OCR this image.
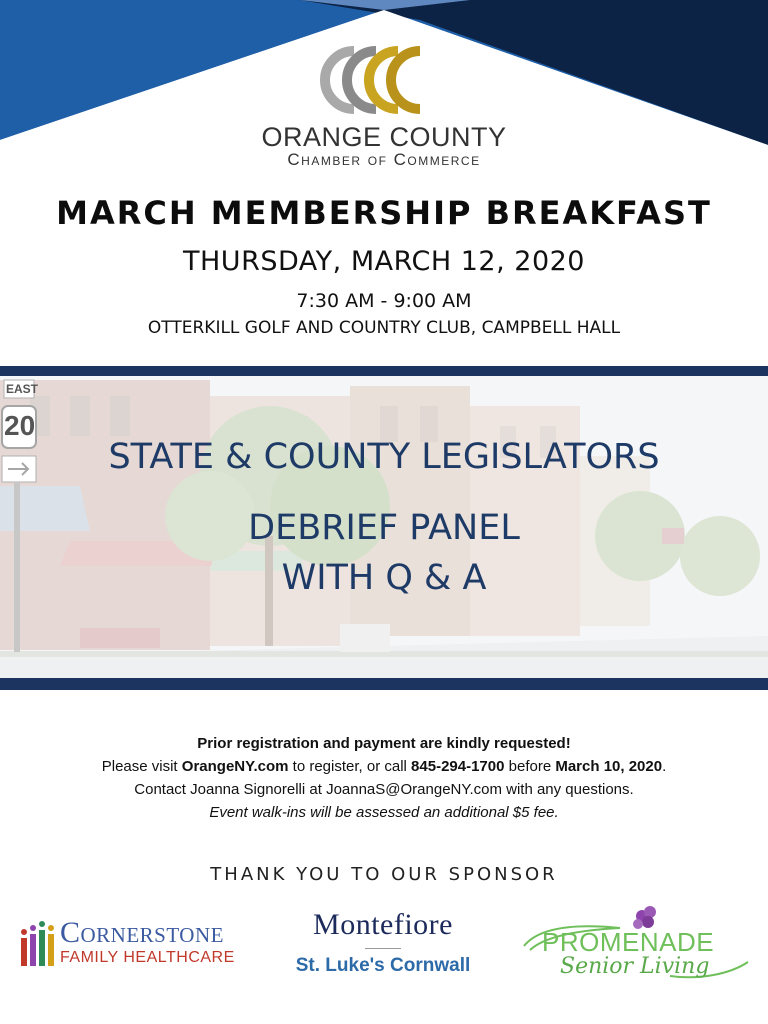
ORANGE COUNTY
Chamber of Commerce
MARCH MEMBERSHIP BREAKFAST
THURSDAY, MARCH 12, 2020
7:30 AM - 9:00 AM
OTTERKILL GOLF AND COUNTRY CLUB, CAMPBELL HALL
EAST
20
STATE & COUNTY LEGISLATORS
DEBRIEF PANEL
WITH Q & A
Prior registration and payment are kindly requested!
Please visit OrangeNY.com to register, or call 845-294-1700 before March 10, 2020.
Contact Joanna Signorelli at JoannaS@OrangeNY.com with any questions.
Event walk-ins will be assessed an additional $5 fee.
THANK YOU TO OUR SPONSOR
Cornerstone
FAMILY HEALTHCARE
Montefiore
St. Luke's Cornwall
PROMENADE
Senior Living
